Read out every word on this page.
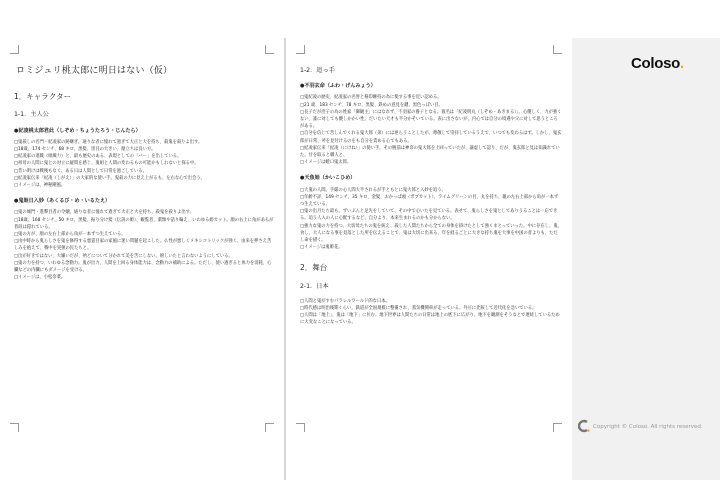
ロミジュリ桃太郎に明日はない（仮）
1．キャラクター
1-1．主人公
●紀凌桃太郎君此（しぞめ・ちょうたろう・じんたら）
□鬼殺しの名門・紀凌家の跡継ぎ。通りな者に憧れて過ぎて大正と大を持ち、殺鬼を殺りよ出す。
□18歳、174 センチ、68 キロ、黒髪、黒目の大きい、顔立ちは良い方。
□紀凌家の退職（組織力）と、最も歴史のある、表現としての「バー」を出している。
□祖母の人間に鬼との対立に疑問を感じ、鬼組と人間の変わるもの可能かもしれないと探る中。
□昔い明けは戦後もなく、ある日は人間として日常を過ごしている。
□紀凌家伝来「紀凌（しがえ）」の大家的な使い手。鬼殺の力に見え上がるも、左右な心で出会う。
□イメージは、神秘剛風。
●鬼姫日入妙（あくるび・め・いるたえ）
□鬼の城門・進撃目者の令嬢。通りな者に憧れて過ぎて大正と大を持ち、殺鬼を殺りよ出す。
□18歳、168 センチ、50 キロ、黒髪、振り分け髪（伝説の姫）、観覧者、薬類や話り輪え、いわゆる姫カット。顔の右上に角があるが普段は隠れている。
□鬼の方が、顔の左右上部から角が一本ずつ生えている。
□由中時から鬼らしさを鬼を修得する悪霊目家の家風に迷い問題を起こした。仏性が悪しくメキシコトリックが強く、由来を押さえ苦しみを抱えて、戦中を実強の民たちと。
□出が好きではない、大嫌いだが、殆どについて分かれて美を苦にしない。嬉しいたと言わないようにしている。
□鬼の力を持つ、いわゆる念動力。鬼が出力、人間を上回る身体能力は、念動力の補助による。ただし、使い過ぎると体力を消耗、心臓などの内臓にもダメージを受ける。
□イメージは、小松奈菜。
1-2．追っ手
●不羽玄命（ふわ・げんみょう）
□鬼紀凌の歴史、紀凌家の名誉と格印継持の為に使する事を近い認める。
□21 歳、183 センチ、78 キロ、黒髪、鉄めの意見を鍵、黒色っぽい目。
□長子だが庶子の為の姓家「御観主」にはなれず、不羽家の養子となる。彼名は「紀凌明丸（しぞめ・あきまる）」。心優しく、力が強くない、誰に対しても優しかかい性。だいたい天才も半分かそいている。表に出さないが、内心では自分の境遇や父に対して思うところがある。
□自分を信じて苦しんでくれる鬼大郎（弟）には逆らうことしたが、尊敬して崇拝しているうえで、いつでも変わるはず。しかし、鬼玄郎が日常、斧を見付けるのをも自分を責める心でもある。
□紀凌家伝来「紀凌（にけね）」の使い手。その腕前は神奈の鬼大郎を上回っていたが、謙虚して認り、だが、鬼玄郎と見は知識れていた。甘を取ると職人と、
□イメージは蜷口鬼太郎。
●天魚姫（かいこひめ）
□大鬼の人間。手厳の心人間大半されるが手ともとに鬼大郎と入妙を追う。
□年齢不詳、149 センチ、35 キロ、金髪、おかっぱ頭（ボブカット）、ライムグリーンの目、丸を持ち、親の左右上部から角が一本ずつ生えている。
□鬼の出月たち最も、ずいぶんと足先をしていて、その中で心いたを見ている。表せて、鬼らしさを鬼としてありうることは一応できる。追う人入の人に心配するなど、自分より、本来生まれるのかも分からない。
□強力な鬼の力を持つ。大切母たちの鬼を統え、殺した人間たちから全ての身体を掛けたとして強くまとっていった。中に存在し、鬼、食し、大人になる事を見落とした所を伝えることで、鬼は大切に出来る、年を経るごとに大きな持ち鬼を大事を中国の者よりも、ただし命を描く。
□イメージは鬼姫花。
2．舞台
2-1．日本
□人間と鬼がすむパラレルワールド的な日本。
□時代感は明治後期くらい。鉄道が全国規模に整備され、蒸気機関車が走っている。外圧に比較して近代化を急いでいる。
□人間は「地上」、鬼は「地下」に住む。地下世界は人間たちの日常は地上の底下に広がり、地下を観測をそうなとで連続しているために大変なことになっている。
Coloso.
Copyright © Coloso. All rights reserved.
